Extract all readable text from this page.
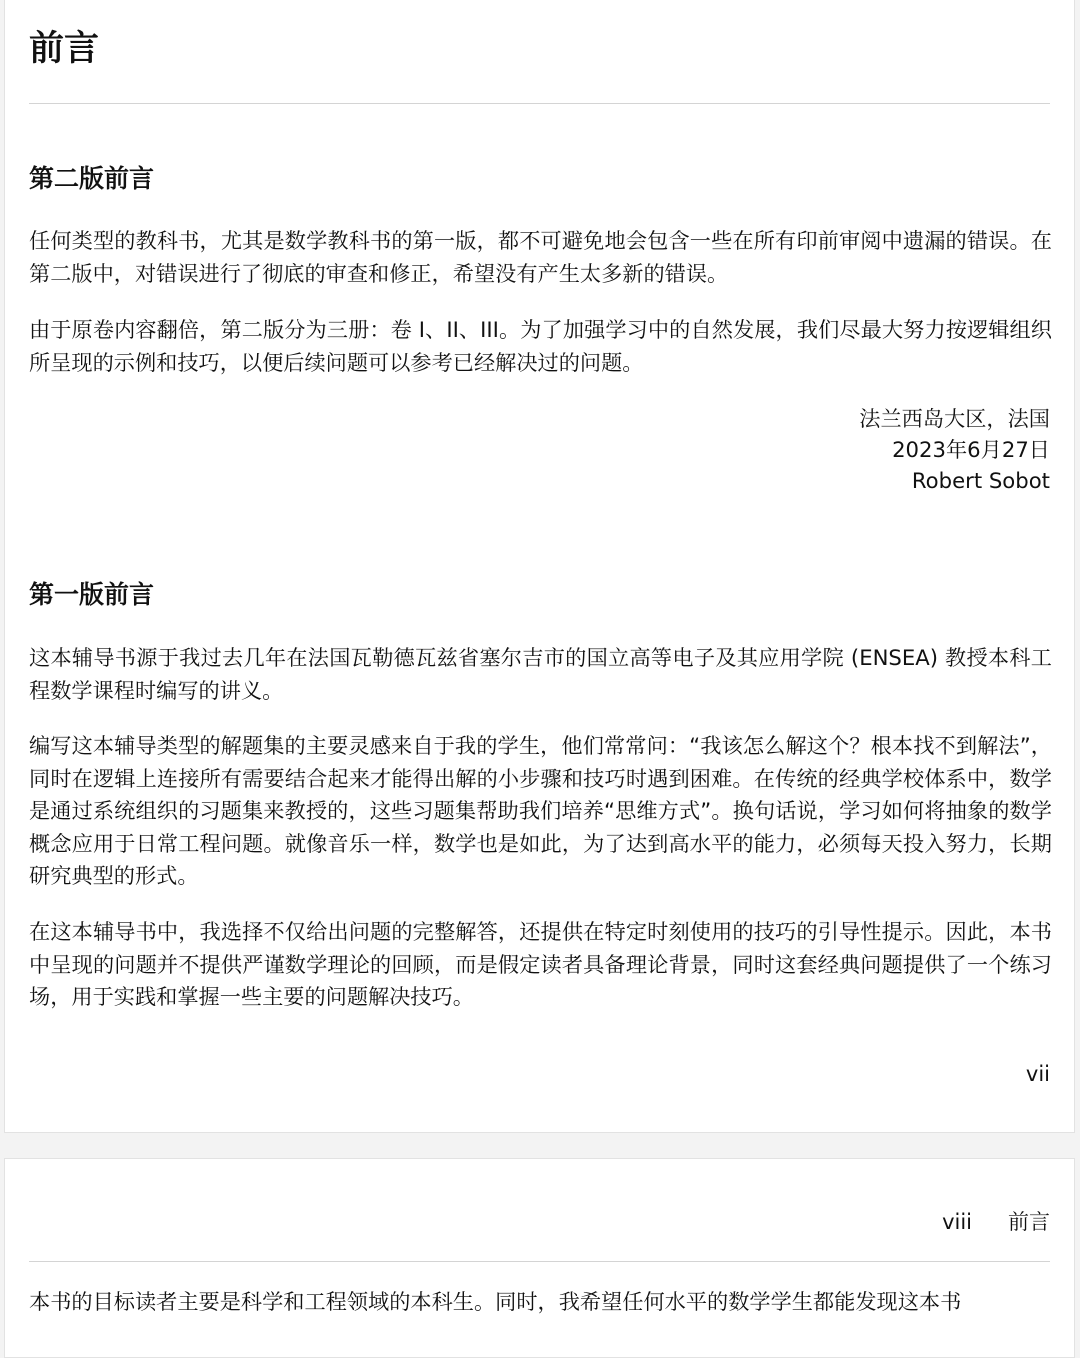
前言
第二版前言

任何类型的教科书，尤其是数学教科书的第一版，都不可避免地会包含一些在所有印前审阅中遗漏的错误。在第二版中，对错误进行了彻底的审查和修正，希望没有产生太多新的错误。

由于原卷内容翻倍，第二版分为三册：卷 I、II、III。为了加强学习中的自然发展，我们尽最大努力按逻辑组织所呈现的示例和技巧，以便后续问题可以参考已经解决过的问题。

法兰西岛大区，法国
2023年6月27日
Robert Sobot
第一版前言

这本辅导书源于我过去几年在法国瓦勒德瓦兹省塞尔吉市的国立高等电子及其应用学院 (ENSEA) 教授本科工程数学课程时编写的讲义。

编写这本辅导类型的解题集的主要灵感来自于我的学生，他们常常问：“我该怎么解这个？根本找不到解法”，同时在逻辑上连接所有需要结合起来才能得出解的小步骤和技巧时遇到困难。在传统的经典学校体系中，数学是通过系统组织的习题集来教授的，这些习题集帮助我们培养“思维方式”。换句话说，学习如何将抽象的数学概念应用于日常工程问题。就像音乐一样，数学也是如此，为了达到高水平的能力，必须每天投入努力，长期研究典型的形式。

在这本辅导书中，我选择不仅给出问题的完整解答，还提供在特定时刻使用的技巧的引导性提示。因此，本书中呈现的问题并不提供严谨数学理论的回顾，而是假定读者具备理论背景，同时这套经典问题提供了一个练习场，用于实践和掌握一些主要的问题解决技巧。

vii
viii 前言

本书的目标读者主要是科学和工程领域的本科生。同时，我希望任何水平的数学学生都能发现这本书
